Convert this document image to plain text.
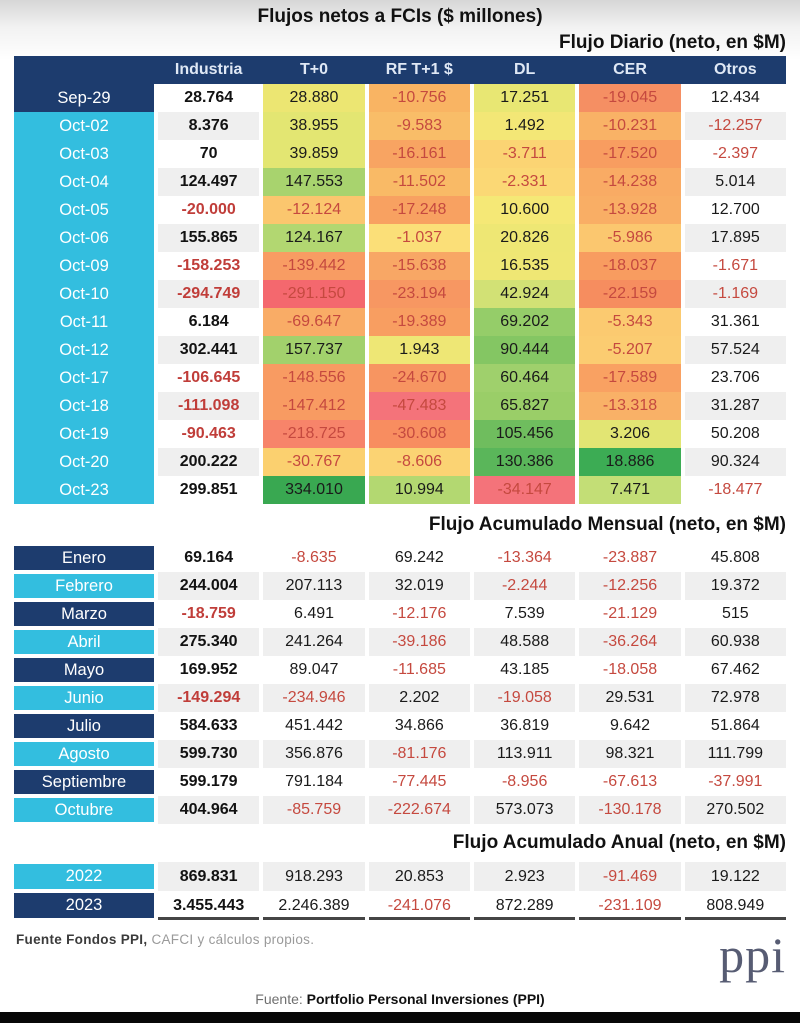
Flujos netos a FCIs ($ millones)
Flujo Diario (neto, en $M)
Industria	T+0	RF T+1 $	DL	CER	Otros
Sep-29	28.764	28.880	-10.756	17.251	-19.045	12.434
Oct-02	8.376	38.955	-9.583	1.492	-10.231	-12.257
Oct-03	70	39.859	-16.161	-3.711	-17.520	-2.397
Oct-04	124.497	147.553	-11.502	-2.331	-14.238	5.014
Oct-05	-20.000	-12.124	-17.248	10.600	-13.928	12.700
Oct-06	155.865	124.167	-1.037	20.826	-5.986	17.895
Oct-09	-158.253	-139.442	-15.638	16.535	-18.037	-1.671
Oct-10	-294.749	-291.150	-23.194	42.924	-22.159	-1.169
Oct-11	6.184	-69.647	-19.389	69.202	-5.343	31.361
Oct-12	302.441	157.737	1.943	90.444	-5.207	57.524
Oct-17	-106.645	-148.556	-24.670	60.464	-17.589	23.706
Oct-18	-111.098	-147.412	-47.483	65.827	-13.318	31.287
Oct-19	-90.463	-218.725	-30.608	105.456	3.206	50.208
Oct-20	200.222	-30.767	-8.606	130.386	18.886	90.324
Oct-23	299.851	334.010	10.994	-34.147	7.471	-18.477
Flujo Acumulado Mensual (neto, en $M)
Enero	69.164	-8.635	69.242	-13.364	-23.887	45.808
Febrero	244.004	207.113	32.019	-2.244	-12.256	19.372
Marzo	-18.759	6.491	-12.176	7.539	-21.129	515
Abril	275.340	241.264	-39.186	48.588	-36.264	60.938
Mayo	169.952	89.047	-11.685	43.185	-18.058	67.462
Junio	-149.294	-234.946	2.202	-19.058	29.531	72.978
Julio	584.633	451.442	34.866	36.819	9.642	51.864
Agosto	599.730	356.876	-81.176	113.911	98.321	111.799
Septiembre	599.179	791.184	-77.445	-8.956	-67.613	-37.991
Octubre	404.964	-85.759	-222.674	573.073	-130.178	270.502
Flujo Acumulado Anual (neto, en $M)
2022	869.831	918.293	20.853	2.923	-91.469	19.122
2023	3.455.443	2.246.389	-241.076	872.289	-231.109	808.949
Fuente Fondos PPI, CAFCI y cálculos propios.	ppi
Fuente: Portfolio Personal Inversiones (PPI)
